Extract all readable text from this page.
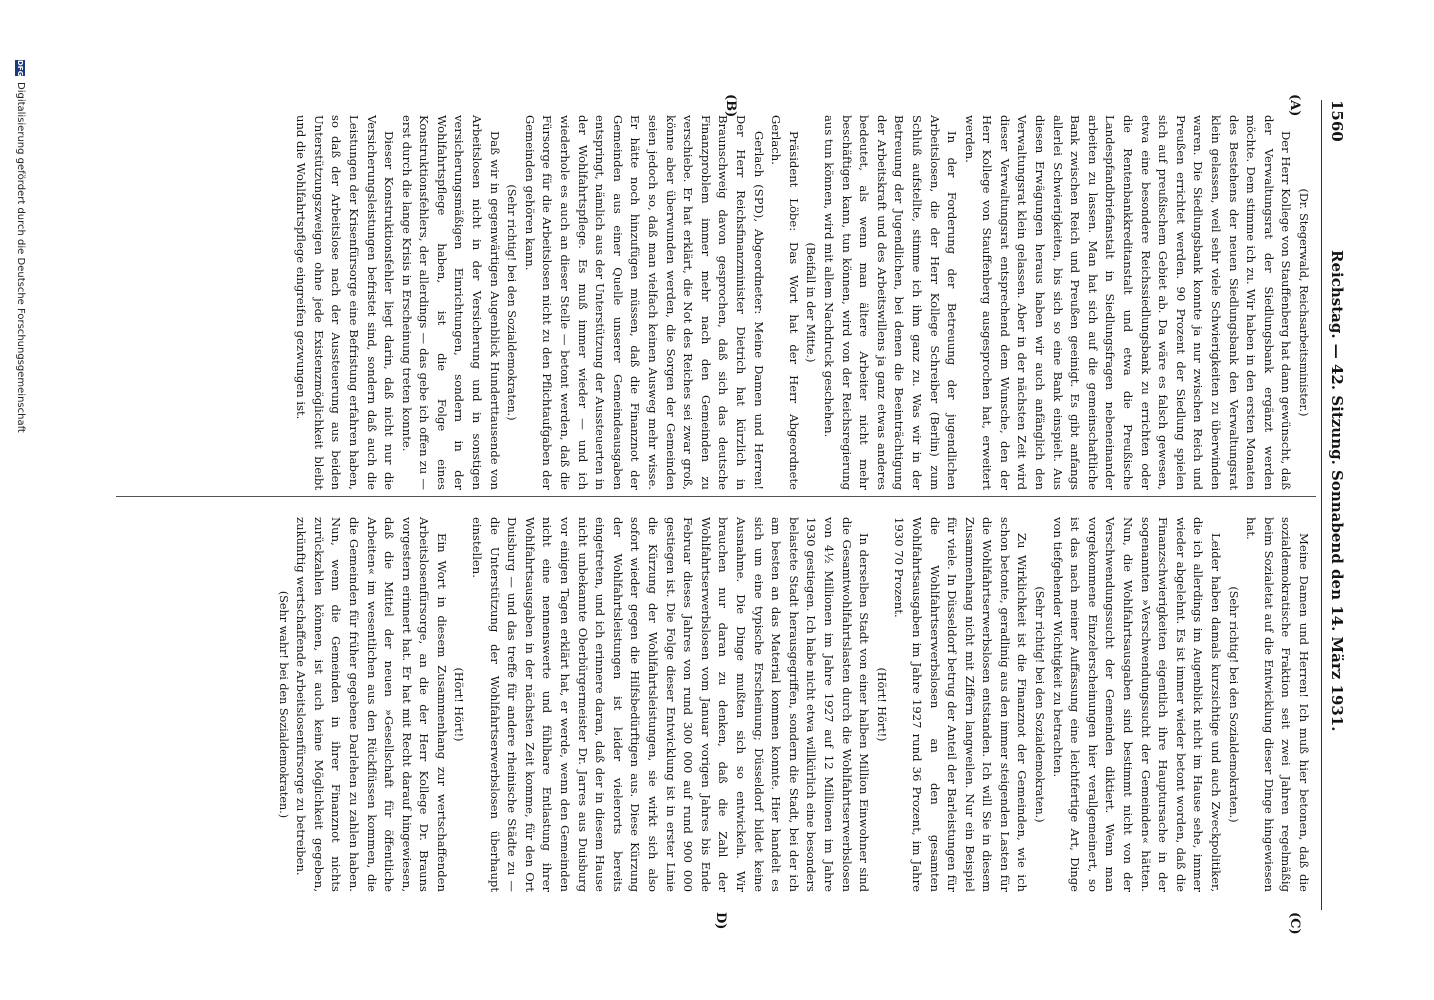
1560
Reichstag. — 42. Sitzung. Sonnabend den 14. März 1931.
(A)
(B)
(C)
D)

(Dr. Stegerwald, Reichsarbeitsminister.)

Der Herr Kollege von Stauffenberg hat dann gewünscht, daß der Verwaltungsrat der Siedlungsbank ergänzt werden möchte. Dem stimme ich zu. Wir haben in den ersten Monaten des Bestehens der neuen Siedlungsbank den Verwaltungsrat klein gelassen, weil sehr viele Schwierigkeiten zu überwinden waren. Die Siedlungsbank konnte ja nur zwischen Reich und Preußen errichtet werden. 90 Prozent der Siedlung spielen sich auf preußischem Gebiet ab. Da wäre es falsch gewesen, etwa eine besondere Reichssiedlungsbank zu errichten oder die Rentenbankkreditanstalt und etwa die Preußische Landespfandbriefanstalt in Siedlungsfragen nebeneinander arbeiten zu lassen. Man hat sich auf die gemeinschaftliche Bank zwischen Reich und Preußen geeinigt. Es gibt anfangs allerlei Schwierigkeiten, bis sich so eine Bank einspielt. Aus diesen Erwägungen heraus haben wir auch anfänglich den Verwaltungsrat klein gelassen. Aber in der nächsten Zeit wird dieser Verwaltungsrat entsprechend dem Wunsche, den der Herr Kollege von Stauffenberg ausgesprochen hat, erweitert werden.

In der Forderung der Betreuung der jugendlichen Arbeitslosen, die der Herr Kollege Schreiber (Berlin) zum Schluß aufstellte, stimme ich ihm ganz zu. Was wir in der Betreuung der Jugendlichen, bei denen die Beeinträchtigung der Arbeitskraft und des Arbeitswillens ja ganz etwas anderes bedeutet, als wenn man ältere Arbeiter nicht mehr beschäftigen kann, tun können, wird von der Reichsregierung aus tun können, wird mit allem Nachdruck geschehen.

(Beifall in der Mitte.)

Präsident Löbe: Das Wort hat der Herr Abgeordnete Gerlach.

Gerlach (SPD), Abgeordneter: Meine Damen und Herren! Der Herr Reichsfinanzminister Dietrich hat kürzlich in Braunschweig davon gesprochen, daß sich das deutsche Finanzproblem immer mehr nach den Gemeinden zu verschiebe. Er hat erklärt, die Not des Reiches sei zwar groß, könne aber überwunden werden, die Sorgen der Gemeinden seien jedoch so, daß man vielfach keinen Ausweg mehr wisse. Er hätte noch hinzufügen müssen, daß die Finanznot der Gemeinden aus einer Quelle unserer Gemeindeausgaben entspringt, nämlich aus der Unterstützung der Aussteuerten in der Wohlfahrtspflege. Es muß immer wieder — und ich wiederhole es auch an dieser Stelle — betont werden, daß die Fürsorge für die Arbeitslosen nicht zu den Pflichtaufgaben der Gemeinden gehören kann.

(Sehr richtig! bei den Sozialdemokraten.)

Daß wir in gegenwärtigen Augenblick Hunderttausende von Arbeitslosen nicht in der Versicherung und in sonstigen versicherungsmäßigen Einrichtungen, sondern in der Wohlfahrtspflege haben, ist die Folge eines Konstruktionsfehlers, der allerdings — das gebe ich offen zu — erst durch die lange Krisis in Erscheinung treten konnte.

Dieser Konstruktionsfehler liegt darin, daß nicht nur die Versicherungsleistungen befristet sind, sondern daß auch die Leistungen der Krisenfürsorge eine Befristung erfahren haben, so daß der Arbeitslose nach der Aussteuerung aus beiden Unterstützungszweigen ohne jede Existenzmöglichkeit bleibt und die Wohlfahrtspflege eingreifen gezwungen ist.

Meine Damen und Herren! Ich muß hier betonen, daß die sozialdemokratische Fraktion seit zwei Jahren regelmäßig beim Sozialetat auf die Entwicklung dieser Dinge hingewiesen hat.

(Sehr richtig! bei den Sozialdemokraten.)

Leider haben damals kurzsichtige und auch Zweckpolitiker, die ich allerdings im Augenblick nicht im Hause sehe, immer wieder abgelehnt. Es ist immer wieder betont worden, daß die Finanzschwierigkeiten eigentlich ihre Hauptursache in der sogenannten »Verschwendungssucht der Gemeinden« hätten. Nun, die Wohlfahrtsausgaben sind bestimmt nicht von der Verschwendungssucht der Gemeinden diktiert. Wenn man vorgekommene Einzelerscheinungen hier verallgemeinert, so ist das nach meiner Auffassung eine leichtfertige Art, Dinge von tiefgehender Wichtigkeit zu betrachten.

(Sehr richtig! bei den Sozialdemokraten.)

Zu Wirklichkeit ist die Finanznot der Gemeinden, wie ich schon betonte, geradlinig aus den immer steigenden Lasten für die Wohlfahrtserwerbslosen entstanden. Ich will Sie in diesem Zusammenhang nicht mit Ziffern langweilen. Nur ein Beispiel für viele. In Düsseldorf betrug der Anteil der Barleistungen für die Wohlfahrtserwerbslosen an den gesamten Wohlfahrtsausgaben im Jahre 1927 rund 36 Prozent, im Jahre 1930 70 Prozent.

(Hört! Hört!)

In derselben Stadt von einer halben Million Einwohner sind die Gesamtwohlfahrtslasten durch die Wohlfahrtserwerbslosen von 4½ Millionen im Jahre 1927 auf 12 Millionen im Jahre 1930 gestiegen. Ich habe nicht etwa willkürlich eine besonders belastete Stadt herausgegriffen, sondern die Stadt, bei der ich am besten an das Material kommen konnte. Hier handelt es sich um eine typische Erscheinung; Düsseldorf bildet keine Ausnahme. Die Dinge mußten sich so entwickeln. Wir brauchen nur daran zu denken, daß die Zahl der Wohlfahrtserwerbslosen vom Januar vorigen Jahres bis Ende Februar dieses Jahres von rund 300 000 auf rund 900 000 gestiegen ist. Die Folge dieser Entwicklung ist in erster Linie die Kürzung der Wohlfahrtsleistungen, sie wirkt sich also sofort wieder gegen die Hilfsbedürftigen aus. Diese Kürzung der Wohlfahrtsleistungen ist leider vielerorts bereits eingetreten, und ich erinnere daran, daß der in diesem Hause nicht unbekannte Oberbürgermeister Dr. Jarres aus Duisburg vor einigen Tagen erklärt hat, er werde, wenn den Gemeinden nicht eine nennenswerte und fühlbare Entlastung ihrer Wohlfahrtsausgaben in der nächsten Zeit komme, für den Ort Duisburg — und das treffe für andere rheinische Städte zu — die Unterstützung der Wohlfahrtserwerbslosen überhaupt einstellen.

(Hört! Hört!)

Ein Wort in diesem Zusammenhang zur wertschaffenden Arbeitslosenfürsorge, an die der Herr Kollege Dr. Brauns vorgestern erinnert hat. Er hat mit Recht darauf hingewiesen, daß die Mittel der neuen »Gesellschaft für öffentliche Arbeiten« im wesentlichen aus den Rückflüssen kommen, die die Gemeinden für früher gegebene Darlehen zu zahlen haben. Nun, wenn die Gemeinden in ihrer Finanznot nichts zurückzahlen können, ist auch keine Möglichkeit gegeben, zukünftig wertschaffende Arbeitslosenfürsorge zu betreiben.

(Sehr wahr! bei den Sozialdemokraten.)

DFG
Digitalisierung gefördert durch die Deutsche Forschungsgemeinschaft
